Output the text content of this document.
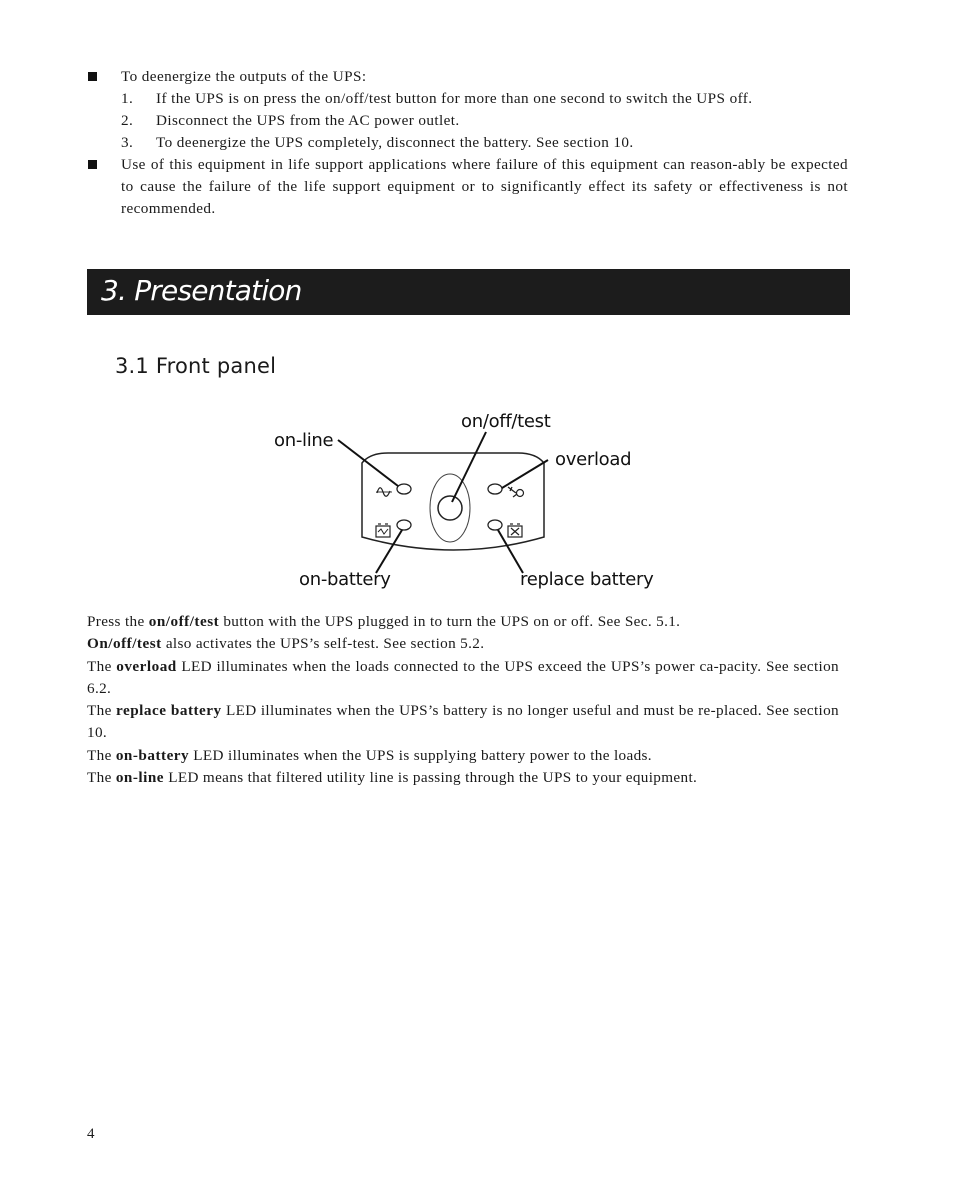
To deenergize the outputs of the UPS:
1. If the UPS is on press the on/off/test button for more than one second to switch the UPS off.
2. Disconnect the UPS from the AC power outlet.
3. To deenergize the UPS completely, disconnect the battery. See section 10.
Use of this equipment in life support applications where failure of this equipment can reason-ably be expected to cause the failure of the life support equipment or to significantly effect its safety or effectiveness is not recommended.
3. Presentation
3.1 Front panel
on-line
on/off/test
overload
on-battery	replace battery

Press the on/off/test button with the UPS plugged in to turn the UPS on or off. See Sec. 5.1.

On/off/test also activates the UPS’s self-test. See section 5.2.

The overload LED illuminates when the loads connected to the UPS exceed the UPS’s power ca-pacity. See section 6.2.

The replace battery LED illuminates when the UPS’s battery is no longer useful and must be re-placed. See section 10.

The on-battery LED illuminates when the UPS is supplying battery power to the loads.

The on-line LED means that filtered utility line is passing through the UPS to your equipment.

4
